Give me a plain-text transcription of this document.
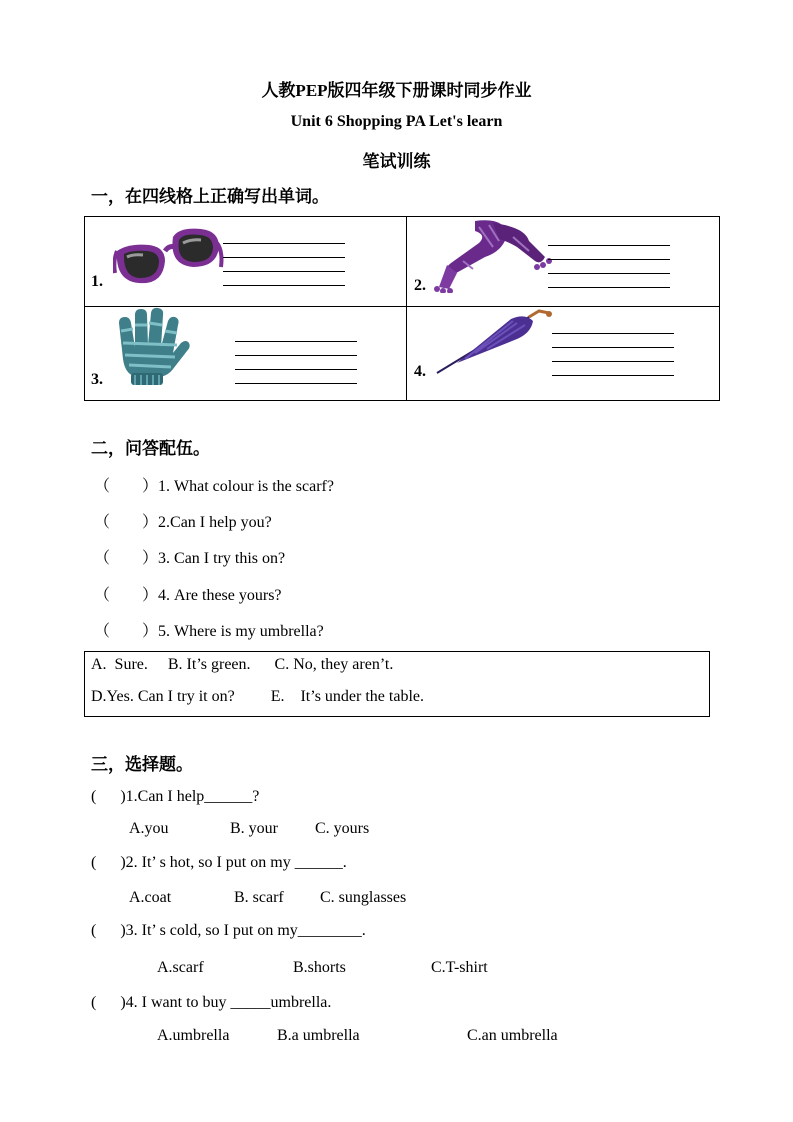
人教PEP版四年级下册课时同步作业
Unit 6 Shopping PA Let's learn
笔试训练
一，在四线格上正确写出单词。
1.	2.
3.	4.
二，问答配伍。
（　　）1. What colour is the scarf?
（　　）2.Can I help you?
（　　）3. Can I try this on?
（　　）4. Are these yours?
（　　）5. Where is my umbrella?
A.  Sure.     B. It’s green.      C. No, they aren’t.
D.Yes. Can I try it on?         E.    It’s under the table.
三，选择题。
(      )1.Can I help______?
A.you	B. your C. yours
(      )2. It’ s hot, so I put on my ______.
A.coat	B. scarf C. sunglasses
(      )3. It’ s cold, so I put on my________.
A.scarf	B.shorts	C.T-shirt
(      )4. I want to buy _____umbrella.
A.umbrella	B.a umbrella	C.an umbrella
